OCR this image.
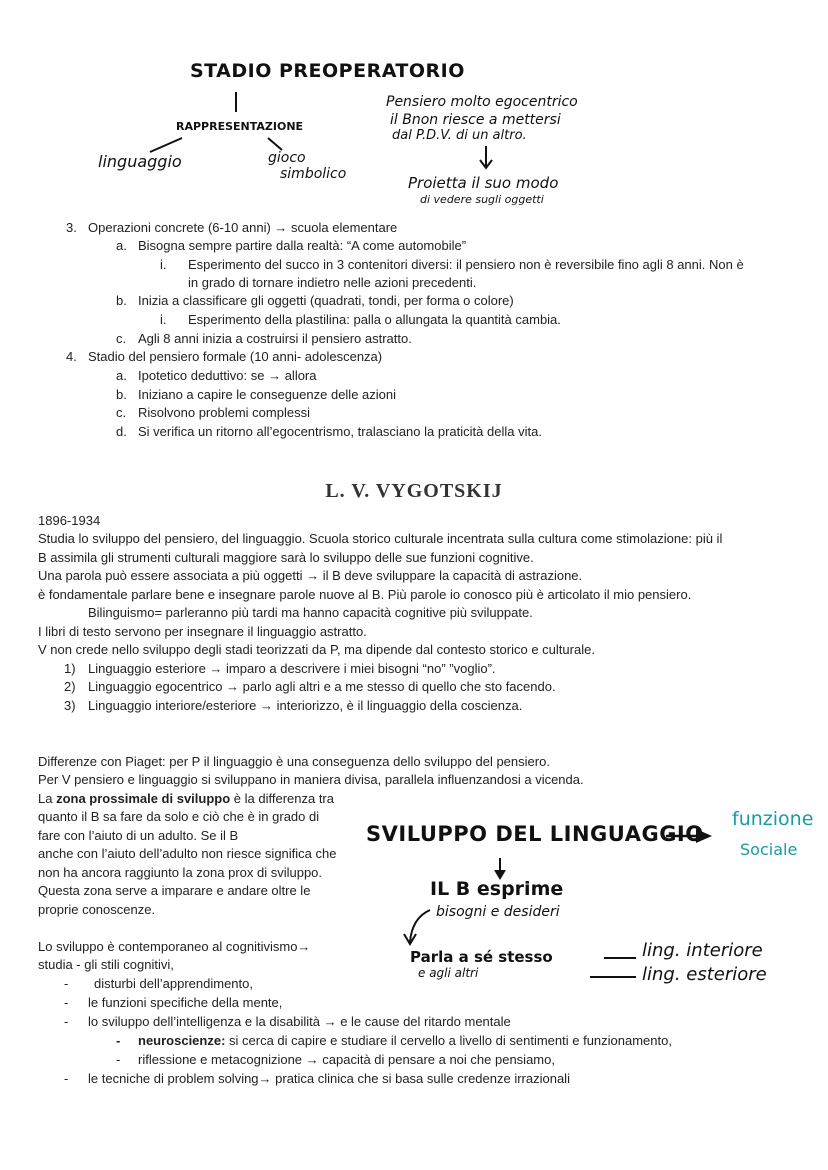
STADIO PREOPERATORIO
RAPPRESENTAZIONE
linguaggio	gioco
simbolico
Pensiero molto egocentrico
il Bnon riesce a mettersi
dal P.D.V. di un altro.
Proietta il suo modo
di vedere sugli oggetti
3. Operazioni concrete (6-10 anni) → scuola elementare
a. Bisogna sempre partire dalla realtà: “A come automobile”
i. Esperimento del succo in 3 contenitori diversi: il pensiero non è reversibile fino agli 8 anni. Non è
in grado di tornare indietro nelle azioni precedenti.
b. Inizia a classificare gli oggetti (quadrati, tondi, per forma o colore)
i. Esperimento della plastilina: palla o allungata la quantità cambia.
c. Agli 8 anni inizia a costruirsi il pensiero astratto.
4. Stadio del pensiero formale (10 anni- adolescenza)
a. Ipotetico deduttivo: se → allora
b. Iniziano a capire le conseguenze delle azioni
c. Risolvono problemi complessi
d. Si verifica un ritorno all’egocentrismo, tralasciano la praticità della vita.
L. V. VYGOTSKIJ
1896-1934
Studia lo sviluppo del pensiero, del linguaggio. Scuola storico culturale incentrata sulla cultura come stimolazione: più il
B assimila gli strumenti culturali maggiore sarà lo sviluppo delle sue funzioni cognitive.
Una parola può essere associata a più oggetti → il B deve sviluppare la capacità di astrazione.
è fondamentale parlare bene e insegnare parole nuove al B. Più parole io conosco più è articolato il mio pensiero.
Bilinguismo= parleranno più tardi ma hanno capacità cognitive più sviluppate.
I libri di testo servono per insegnare il linguaggio astratto.
V non crede nello sviluppo degli stadi teorizzati da P, ma dipende dal contesto storico e culturale.
1) Linguaggio esteriore → imparo a descrivere i miei bisogni “no” ”voglio”.
2) Linguaggio egocentrico → parlo agli altri e a me stesso di quello che sto facendo.
3) Linguaggio interiore/esteriore → interiorizzo, è il linguaggio della coscienza.
Differenze con Piaget: per P il linguaggio è una conseguenza dello sviluppo del pensiero.
Per V pensiero e linguaggio si sviluppano in maniera divisa, parallela influenzandosi a vicenda.
La zona prossimale di sviluppo è la differenza tra
quanto il B sa fare da solo e ciò che è in grado di
fare con l’aiuto di un adulto. Se il B
anche con l’aiuto dell’adulto non riesce significa che
non ha ancora raggiunto la zona prox di sviluppo.
Questa zona serve a imparare e andare oltre le
proprie conoscenze.
Lo sviluppo è contemporaneo al cognitivismo→
studia - gli stili cognitivi,
- disturbi dell’apprendimento,
- le funzioni specifiche della mente,
- lo sviluppo dell’intelligenza e la disabilità → e le cause del ritardo mentale
- neuroscienze: si cerca di capire e studiare il cervello a livello di sentimenti e funzionamento,
- riflessione e metacognizione → capacità di pensare a noi che pensiamo,
- le tecniche di problem solving→ pratica clinica che si basa sulle credenze irrazionali
SVILUPPO DEL LINGUAGGIO
funzione
Sociale
IL B esprime
bisogni e desideri
Parla a sé stesso
e agli altri
ling. interiore
ling. esteriore
